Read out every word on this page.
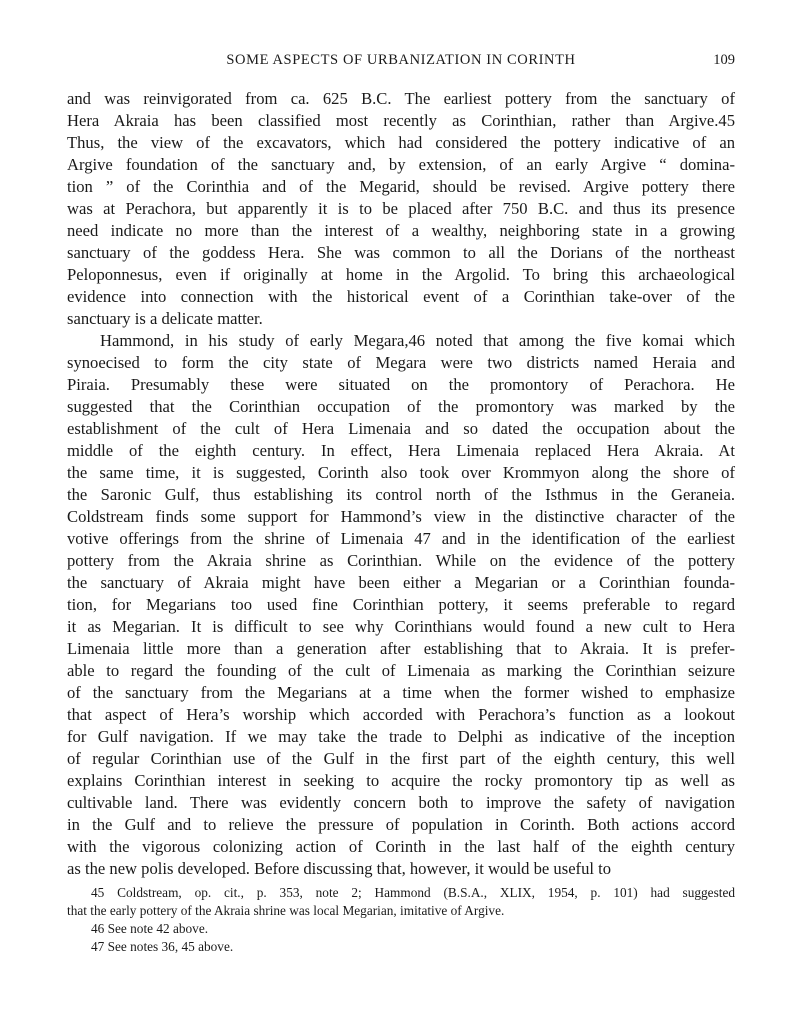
SOME ASPECTS OF URBANIZATION IN CORINTH	109
and was reinvigorated from ca. 625 B.C. The earliest pottery from the sanctuary of
Hera Akraia has been classified most recently as Corinthian, rather than Argive.45
Thus, the view of the excavators, which had considered the pottery indicative of an
Argive foundation of the sanctuary and, by extension, of an early Argive “ domina-
tion ” of the Corinthia and of the Megarid, should be revised. Argive pottery there
was at Perachora, but apparently it is to be placed after 750 B.C. and thus its presence
need indicate no more than the interest of a wealthy, neighboring state in a growing
sanctuary of the goddess Hera. She was common to all the Dorians of the northeast
Peloponnesus, even if originally at home in the Argolid. To bring this archaeological
evidence into connection with the historical event of a Corinthian take-over of the
sanctuary is a delicate matter.
Hammond, in his study of early Megara,46 noted that among the five komai which
synoecised to form the city state of Megara were two districts named Heraia and
Piraia. Presumably these were situated on the promontory of Perachora. He
suggested that the Corinthian occupation of the promontory was marked by the
establishment of the cult of Hera Limenaia and so dated the occupation about the
middle of the eighth century. In effect, Hera Limenaia replaced Hera Akraia. At
the same time, it is suggested, Corinth also took over Krommyon along the shore of
the Saronic Gulf, thus establishing its control north of the Isthmus in the Geraneia.
Coldstream finds some support for Hammond’s view in the distinctive character of the
votive offerings from the shrine of Limenaia 47 and in the identification of the earliest
pottery from the Akraia shrine as Corinthian. While on the evidence of the pottery
the sanctuary of Akraia might have been either a Megarian or a Corinthian founda-
tion, for Megarians too used fine Corinthian pottery, it seems preferable to regard
it as Megarian. It is difficult to see why Corinthians would found a new cult to Hera
Limenaia little more than a generation after establishing that to Akraia. It is prefer-
able to regard the founding of the cult of Limenaia as marking the Corinthian seizure
of the sanctuary from the Megarians at a time when the former wished to emphasize
that aspect of Hera’s worship which accorded with Perachora’s function as a lookout
for Gulf navigation. If we may take the trade to Delphi as indicative of the inception
of regular Corinthian use of the Gulf in the first part of the eighth century, this well
explains Corinthian interest in seeking to acquire the rocky promontory tip as well as
cultivable land. There was evidently concern both to improve the safety of navigation
in the Gulf and to relieve the pressure of population in Corinth. Both actions accord
with the vigorous colonizing action of Corinth in the last half of the eighth century
as the new polis developed. Before discussing that, however, it would be useful to
45 Coldstream, op. cit., p. 353, note 2; Hammond (B.S.A., XLIX, 1954, p. 101) had suggested
that the early pottery of the Akraia shrine was local Megarian, imitative of Argive.
46 See note 42 above.
47 See notes 36, 45 above.
